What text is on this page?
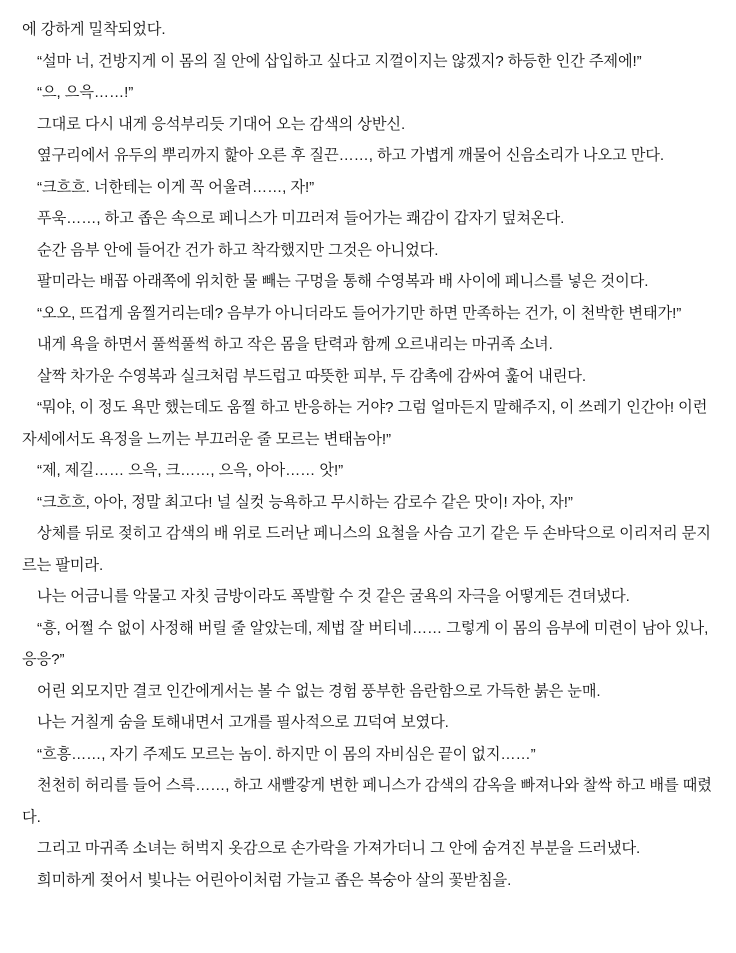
에 강하게 밀착되었다.

“설마 너, 건방지게 이 몸의 질 안에 삽입하고 싶다고 지껄이지는 않겠지? 하등한 인간 주제에!”

“으, 으윽……!”

그대로 다시 내게 응석부리듯 기대어 오는 감색의 상반신.

옆구리에서 유두의 뿌리까지 핥아 오른 후 질끈……, 하고 가볍게 깨물어 신음소리가 나오고 만다.

“크흐흐. 너한테는 이게 꼭 어울려……, 자!”

푸욱……, 하고 좁은 속으로 페니스가 미끄러져 들어가는 쾌감이 갑자기 덮쳐온다.

순간 음부 안에 들어간 건가 하고 착각했지만 그것은 아니었다.

팔미라는 배꼽 아래쪽에 위치한 물 빼는 구멍을 통해 수영복과 배 사이에 페니스를 넣은 것이다.

“오오, 뜨겁게 움찔거리는데? 음부가 아니더라도 들어가기만 하면 만족하는 건가, 이 천박한 변태가!”

내게 욕을 하면서 풀썩풀썩 하고 작은 몸을 탄력과 함께 오르내리는 마귀족 소녀.

살짝 차가운 수영복과 실크처럼 부드럽고 따뜻한 피부, 두 감촉에 감싸여 훑어 내린다.

“뭐야, 이 정도 욕만 했는데도 움찔 하고 반응하는 거야? 그럼 얼마든지 말해주지, 이 쓰레기 인간아! 이런 자세에서도 욕정을 느끼는 부끄러운 줄 모르는 변태놈아!”

“제, 제길…… 으윽, 크……, 으윽, 아아…… 앗!”

“크흐흐, 아아, 정말 최고다! 널 실컷 능욕하고 무시하는 감로수 같은 맛이! 자아, 자!”

상체를 뒤로 젖히고 감색의 배 위로 드러난 페니스의 요철을 사슴 고기 같은 두 손바닥으로 이리저리 문지르는 팔미라.

나는 어금니를 악물고 자칫 금방이라도 폭발할 수 것 같은 굴욕의 자극을 어떻게든 견뎌냈다.

“흥, 어쩔 수 없이 사정해 버릴 줄 알았는데, 제법 잘 버티네…… 그렇게 이 몸의 음부에 미련이 남아 있나, 응응?”

어린 외모지만 결코 인간에게서는 볼 수 없는 경험 풍부한 음란함으로 가득한 붉은 눈매.

나는 거칠게 숨을 토해내면서 고개를 필사적으로 끄덕여 보였다.

“흐흥……, 자기 주제도 모르는 놈이. 하지만 이 몸의 자비심은 끝이 없지……”

천천히 허리를 들어 스륵……, 하고 새빨갛게 변한 페니스가 감색의 감옥을 빠져나와 찰싹 하고 배를 때렸다.

그리고 마귀족 소녀는 허벅지 옷감으로 손가락을 가져가더니 그 안에 숨겨진 부분을 드러냈다.

희미하게 젖어서 빛나는 어린아이처럼 가늘고 좁은 복숭아 살의 꽃받침을.
